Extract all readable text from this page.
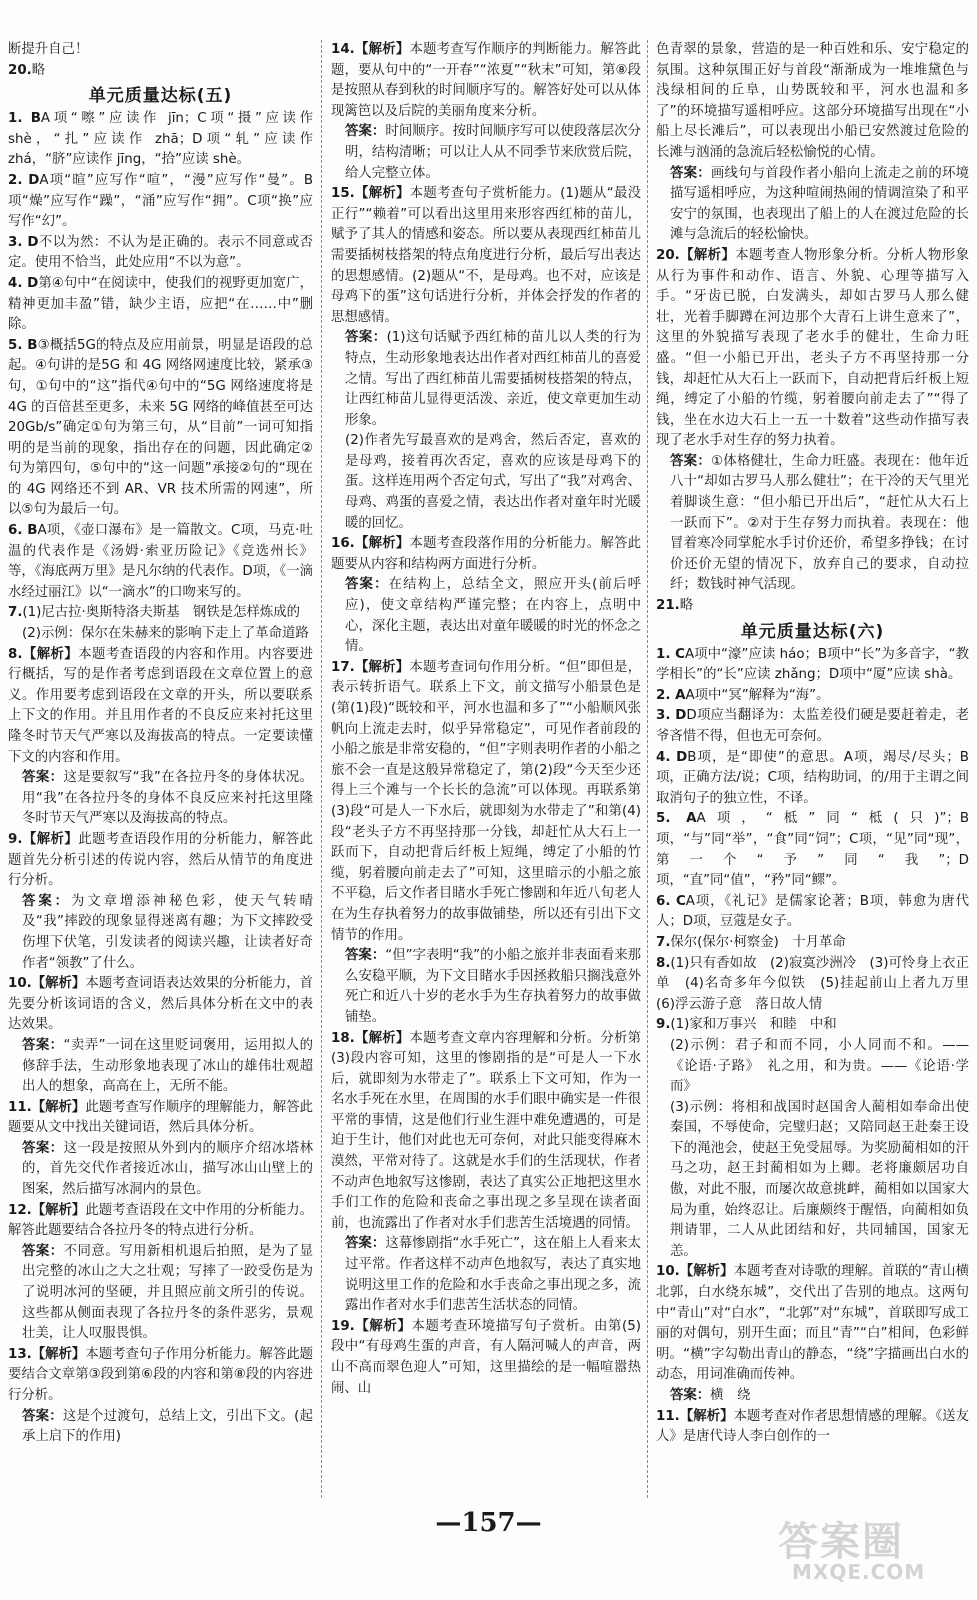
断提升自己！

20.略

单元质量达标(五)

1. BA项“嚓”应读作 jīn；C项“摄”应读作 shè，“扎”应读作 zhā；D项“轧”应读作 zhá，“脐”应读作 jīng，“拾”应读 shè。

2. DA项“暄”应写作“喧”，“漫”应写作“曼”。B项“燥”应写作“躁”，“涌”应写作“拥”。C项“换”应写作“幻”。

3. D不以为然：不认为是正确的。表示不同意或否定。使用不恰当，此处应用“不以为意”。

4. D第④句中“在阅读中，使我们的视野更加宽广，精神更加丰盈”错，缺少主语，应把“在……中”删除。

5. B③概括5G的特点及应用前景，明显是语段的总起。④句讲的是5G 和 4G 网络网速度比较，紧承③句，①句中的“这”指代④句中的“5G 网络速度将是 4G 的百倍甚至更多，未来 5G 网络的峰值甚至可达 20Gb/s”确定①句为第三句，从“目前”一词可知指明的是当前的现象，指出存在的问题，因此确定②句为第四句，⑤句中的“这一问题”承接②句的“现在的 4G 网络还不到 AR、VR 技术所需的网速”，所以⑤句为最后一句。

6. BA项，《壶口瀑布》是一篇散文。C项，马克·吐温的代表作是《汤姆·索亚历险记》《竞选州长》等，《海底两万里》是凡尔纳的代表作。D项，《一滴水经过丽江》以“一滴水”的口吻来写的。

7.(1)尼古拉·奥斯特洛夫斯基　钢铁是怎样炼成的

(2)示例：保尔在朱赫来的影响下走上了革命道路

8.【解析】本题考查语段的内容和作用。内容要进行概括，写的是作者考虑到语段在文章位置上的意义。作用要考虑到语段在文章的开头，所以要联系上下文的作用。并且用作者的不良反应来衬托这里隆冬时节天气严寒以及海拔高的特点。一定要读懂下文的内容和作用。

答案：这是要叙写“我”在各拉丹冬的身体状况。用“我”在各拉丹冬的身体不良反应来衬托这里隆冬时节天气严寒以及海拔高的特点。

9.【解析】此题考查语段作用的分析能力，解答此题首先分析引述的传说内容，然后从情节的角度进行分析。

答案：为文章增添神秘色彩，使天气转晴及“我”摔跤的现象显得迷离有趣；为下文摔跤受伤埋下伏笔，引发读者的阅读兴趣，让读者好奇作者“领教”了什么。

10.【解析】本题考查词语表达效果的分析能力，首先要分析该词语的含义，然后具体分析在文中的表达效果。

答案：“卖弄”一词在这里贬词褒用，运用拟人的修辞手法，生动形象地表现了冰山的雄伟壮观超出人的想象，高高在上，无所不能。

11.【解析】此题考查写作顺序的理解能力，解答此题要从文中找出关键词语，然后具体分析。

答案：这一段是按照从外到内的顺序介绍冰塔林的，首先交代作者接近冰山，描写冰山山壁上的图案，然后描写冰洞内的景色。

12.【解析】此题考查语段在文中作用的分析能力。解答此题要结合各拉丹冬的特点进行分析。

答案：不同意。写用新相机退后拍照，是为了显出完整的冰山之大之壮观；写摔了一跤受伤是为了说明冰河的坚硬，并且照应前文所引的传说。这些都从侧面表现了各拉丹冬的条件恶劣，景观壮美，让人叹服畏惧。

13.【解析】本题考查句子作用分析能力。解答此题要结合文章第③段到第⑥段的内容和第⑧段的内容进行分析。

答案：这是个过渡句，总结上文，引出下文。(起承上启下的作用)

14.【解析】本题考查写作顺序的判断能力。解答此题，要从句中的“一开春”“浓夏”“秋末”可知，第⑧段是按照从春到秋的时间顺序写的。解答好处可以从体现篱笆以及后院的美丽角度来分析。

答案：时间顺序。按时间顺序写可以使段落层次分明，结构清晰；可以让人从不同季节来欣赏后院，给人完整立体。

15.【解析】本题考查句子赏析能力。(1)题从“最没正行”“赖着”可以看出这里用来形容西红柿的苗儿，赋予了其人的情感和姿态。所以要从表现西红柿苗儿需要插树枝搭架的特点角度进行分析，最后写出表达的思想感情。(2)题从“不，是母鸡。也不对，应该是母鸡下的蛋”这句话进行分析，并体会抒发的作者的思想感情。

答案：(1)这句话赋予西红柿的苗儿以人类的行为特点，生动形象地表达出作者对西红柿苗儿的喜爱之情。写出了西红柿苗儿需要插树枝搭架的特点，让西红柿苗儿显得更活泼、亲近，使文章更加生动形象。

(2)作者先写最喜欢的是鸡舍，然后否定，喜欢的是母鸡，接着再次否定，喜欢的应该是母鸡下的蛋。这样连用两个否定句式，写出了“我”对鸡舍、母鸡、鸡蛋的喜爱之情，表达出作者对童年时光暖暖的回忆。

16.【解析】本题考查段落作用的分析能力。解答此题要从内容和结构两方面进行分析。

答案：在结构上，总结全文，照应开头(前后呼应)，使文章结构严谨完整；在内容上，点明中心，深化主题，表达出对童年暖暖的时光的怀念之情。

17.【解析】本题考查词句作用分析。“但”即但是，表示转折语气。联系上下文，前文描写小船景色是(第(1)段)“既较和平，河水也温和多了”“小船顺风张帆向上流走去时，似乎异常稳定”，可见作者前段的小船之旅是非常安稳的，“但”字则表明作者的小船之旅不会一直是这般异常稳定了，第(2)段“今天至少还得上三个滩与一个长长的急流”可以体现。再联系第(3)段“可是人一下水后，就即刻为水带走了”和第(4)段“老头子方不再坚持那一分钱，却赶忙从大石上一跃而下，自动把背后纤板上短绳，缚定了小船的竹缆，躬着腰向前走去了”可知，这里暗示的小船之旅不平稳，后文作者目睹水手死亡惨剧和年近八旬老人在为生存执着努力的故事做铺垫，所以还有引出下文情节的作用。

答案：“但”字表明“我”的小船之旅并非表面看来那么安稳平顺，为下文目睹水手因拯救船只搁浅意外死亡和近八十岁的老水手为生存执着努力的故事做铺垫。

18.【解析】本题考查文章内容理解和分析。分析第(3)段内容可知，这里的惨剧指的是“可是人一下水后，就即刻为水带走了”。联系上下文可知，作为一名水手死在水里，在周围的水手们眼中确实是一件很平常的事情，这是他们行业生涯中难免遭遇的，可是迫于生计，他们对此也无可奈何，对此只能变得麻木漠然，平常对待了。这就是水手们的生活现状，作者不动声色地叙写这惨剧，表达了真实公正地把这里水手们工作的危险和丧命之事出现之多呈现在读者面前，也流露出了作者对水手们悲苦生活境遇的同情。

答案：这幕惨剧指“水手死亡”，这在船上人看来太过平常。作者这样不动声色地叙写，表达了真实地说明这里工作的危险和水手丧命之事出现之多，流露出作者对水手们悲苦生活状态的同情。

19.【解析】本题考查环境描写句子赏析。由第(5)段中“有母鸡生蛋的声音，有人隔河喊人的声音，两山不高而翠色迎人”可知，这里描绘的是一幅喧嚣热闹、山

色青翠的景象，营造的是一种百姓和乐、安宁稳定的氛围。这种氛围正好与首段“渐渐成为一堆堆黛色与浅绿相间的丘阜，山势既较和平，河水也温和多了”的环境描写遥相呼应。这部分环境描写出现在“小船上尽长滩后”，可以表现出小船已安然渡过危险的长滩与汹涌的急流后轻松愉悦的心情。

答案：画线句与首段作者小船向上流走之前的环境描写遥相呼应，为这种喧闹热闹的情调渲染了和平安宁的氛围，也表现出了船上的人在渡过危险的长滩与急流后的轻松愉快。

20.【解析】本题考查人物形象分析。分析人物形象从行为事件和动作、语言、外貌、心理等描写入手。“牙齿已脱，白发满头，却如古罗马人那么健壮，光着手脚蹲在河边那个大青石上讲生意来了”，这里的外貌描写表现了老水手的健壮，生命力旺盛。“但一小船已开出，老头子方不再坚持那一分钱，却赶忙从大石上一跃而下，自动把背后纤板上短绳，缚定了小船的竹缆，躬着腰向前走去了”“得了钱，坐在水边大石上一五一十数着”这些动作描写表现了老水手对生存的努力执着。

答案：①体格健壮，生命力旺盛。表现在：他年近八十“却如古罗马人那么健壮”；在干冷的天气里光着脚谈生意：“但小船已开出后”，“赶忙从大石上一跃而下”。②对于生存努力而执着。表现在：他冒着寒冷同掌舵水手讨价还价，希望多挣钱；在讨价还价无望的情况下，放弃自己的要求，自动拉纤；数钱时神气活现。

21.略

单元质量达标(六)

1. CA项中“濠”应读 háo；B项中“长”为多音字，“教学相长”的“长”应读 zhǎng；D项中“厦”应读 shà。

2. AA项中“冥”解释为“海”。

3. DD项应当翻译为：太监差役们硬是要赶着走，老爷吝惜不得，但也无可奈何。

4. DB项，是“即使”的意思。A项，竭尽/尽头；B项，正确方法/说；C项，结构助词，的/用于主谓之间取消句子的独立性，不译。

5. AA项，“柢”同“柢(只)”；B项，“与”同“举”，“食”同“饲”；C项，“见”同“现”，第一个“予”同“我”；D项，“直”同“值”，“矜”同“鳏”。

6. CA项，《礼记》是儒家论著；B项，韩愈为唐代人；D项，豆蔻是女子。

7.保尔(保尔·柯察金)　十月革命

8.(1)只有香如故　(2)寂寞沙洲冷　(3)可怜身上衣正单　(4)名奇多年今似铁　(5)挂起前山上者九万里　(6)浮云游子意　落日故人情

9.(1)家和万事兴　和睦　中和

(2)示例：君子和而不同，小人同而不和。——《论语·子路》　礼之用，和为贵。——《论语·学而》

(3)示例：将相和战国时赵国舍人蔺相如奉命出使秦国，不辱使命，完璧归赵；又陪同赵王赴秦王设下的渑池会，使赵王免受屈辱。为奖励蔺相如的汗马之功，赵王封蔺相如为上卿。老将廉颇居功自傲，对此不服，而屡次故意挑衅，蔺相如以国家大局为重，始终忍让。后廉颇终于醒悟，向蔺相如负荆请罪，二人从此团结和好，共同辅国，国家无恙。

10.【解析】本题考查对诗歌的理解。首联的“青山横北郭，白水绕东城”，交代出了告别的地点。这两句中“青山”对“白水”，“北郭”对“东城”，首联即写成工丽的对偶句，别开生面；而且“青”“白”相间，色彩鲜明。“横”字勾勒出青山的静态，“绕”字描画出白水的动态，用词准确而传神。

答案：横　绕

11.【解析】本题考查对作者思想情感的理解。《送友人》是唐代诗人李白创作的一

—157—	答案圈
MXQE.COM
